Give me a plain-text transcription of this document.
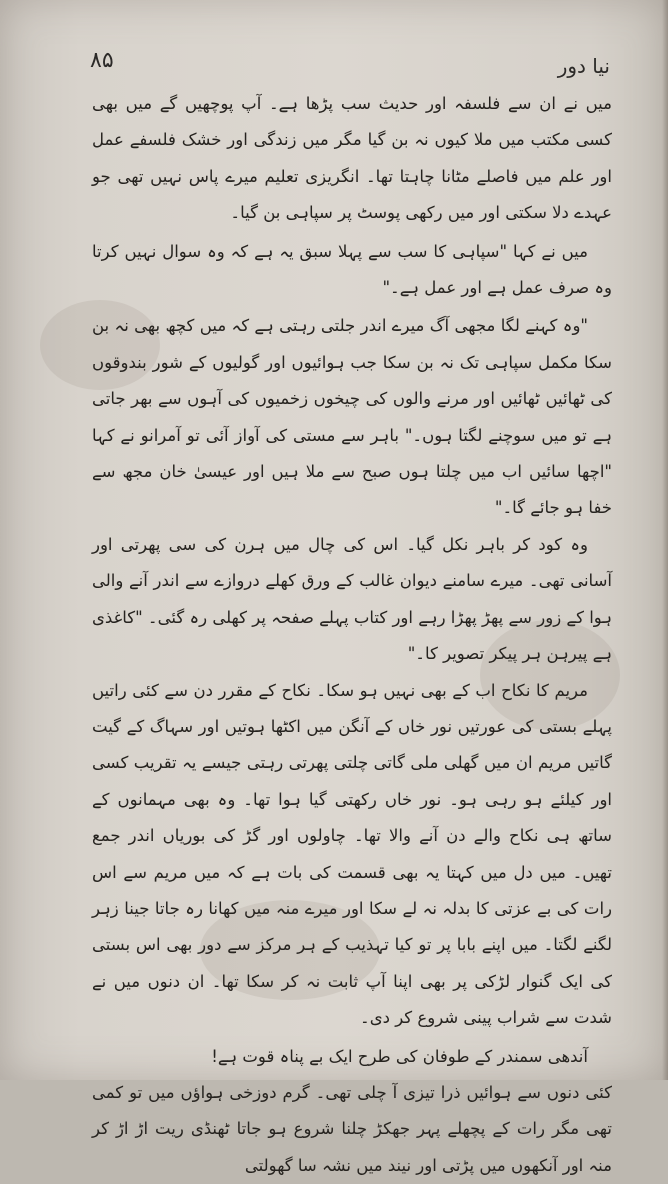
۸۵	نیا دور

میں نے ان سے فلسفہ اور حدیث سب پڑھا ہے۔ آپ پوچھیں گے میں بھی کسی مکتب میں ملا کیوں نہ بن گیا مگر میں زندگی اور خشک فلسفے عمل اور علم میں فاصلے مٹانا چاہتا تھا۔ انگریزی تعلیم میرے پاس نہیں تھی جو عہدے دلا سکتی اور میں رکھی پوسٹ پر سپاہی بن گیا۔

میں نے کہا "سپاہی کا سب سے پہلا سبق یہ ہے کہ وہ سوال نہیں کرتا وہ صرف عمل ہے اور عمل ہے۔"

"وہ کہنے لگا مجھی آگ میرے اندر جلتی رہتی ہے کہ میں کچھ بھی نہ بن سکا مکمل سپاہی تک نہ بن سکا جب ہوائیوں اور گولیوں کے شور بندوقوں کی ٹھائیں ٹھائیں اور مرنے والوں کی چیخوں زخمیوں کی آہوں سے بھر جاتی ہے تو میں سوچنے لگتا ہوں۔" باہر سے مستی کی آواز آئی تو آمرانو نے کہا "اچھا سائیں اب میں چلتا ہوں صبح سے ملا ہیں اور عیسیٰ خان مجھ سے خفا ہو جائے گا۔"

وہ کود کر باہر نکل گیا۔ اس کی چال میں ہرن کی سی پھرتی اور آسانی تھی۔ میرے سامنے دیوان غالب کے ورق کھلے دروازے سے اندر آنے والی ہوا کے زور سے پھڑ پھڑا رہے اور کتاب پہلے صفحہ پر کھلی رہ گئی۔ "کاغذی ہے پیرہن ہر پیکر تصویر کا۔"

مریم کا نکاح اب کے بھی نہیں ہو سکا۔ نکاح کے مقرر دن سے کئی راتیں پہلے بستی کی عورتیں نور خاں کے آنگن میں اکٹھا ہوتیں اور سہاگ کے گیت گاتیں مریم ان میں گھلی ملی گاتی چلتی پھرتی رہتی جیسے یہ تقریب کسی اور کیلئے ہو رہی ہو۔ نور خاں رکھتی گیا ہوا تھا۔ وہ بھی مہمانوں کے ساتھ ہی نکاح والے دن آنے والا تھا۔ چاولوں اور گڑ کی بوریاں اندر جمع تھیں۔ میں دل میں کہتا یہ بھی قسمت کی بات ہے کہ میں مریم سے اس رات کی بے عزتی کا بدلہ نہ لے سکا اور میرے منہ میں کھانا رہ جاتا جینا زہر لگنے لگتا۔ میں اپنے بابا پر تو کیا تہذیب کے ہر مرکز سے دور بھی اس بستی کی ایک گنوار لڑکی پر بھی اپنا آپ ثابت نہ کر سکا تھا۔ ان دنوں میں نے شدت سے شراب پینی شروع کر دی۔

آندھی سمندر کے طوفان کی طرح ایک بے پناہ قوت ہے!

کئی دنوں سے ہوائیں ذرا تیزی آ چلی تھی۔ گرم دوزخی ہواؤں میں تو کمی تھی مگر رات کے پچھلے پہر جھکڑ چلنا شروع ہو جاتا ٹھنڈی ریت اڑ اڑ کر منہ اور آنکھوں میں پڑتی اور نیند میں نشہ سا گھولتی
